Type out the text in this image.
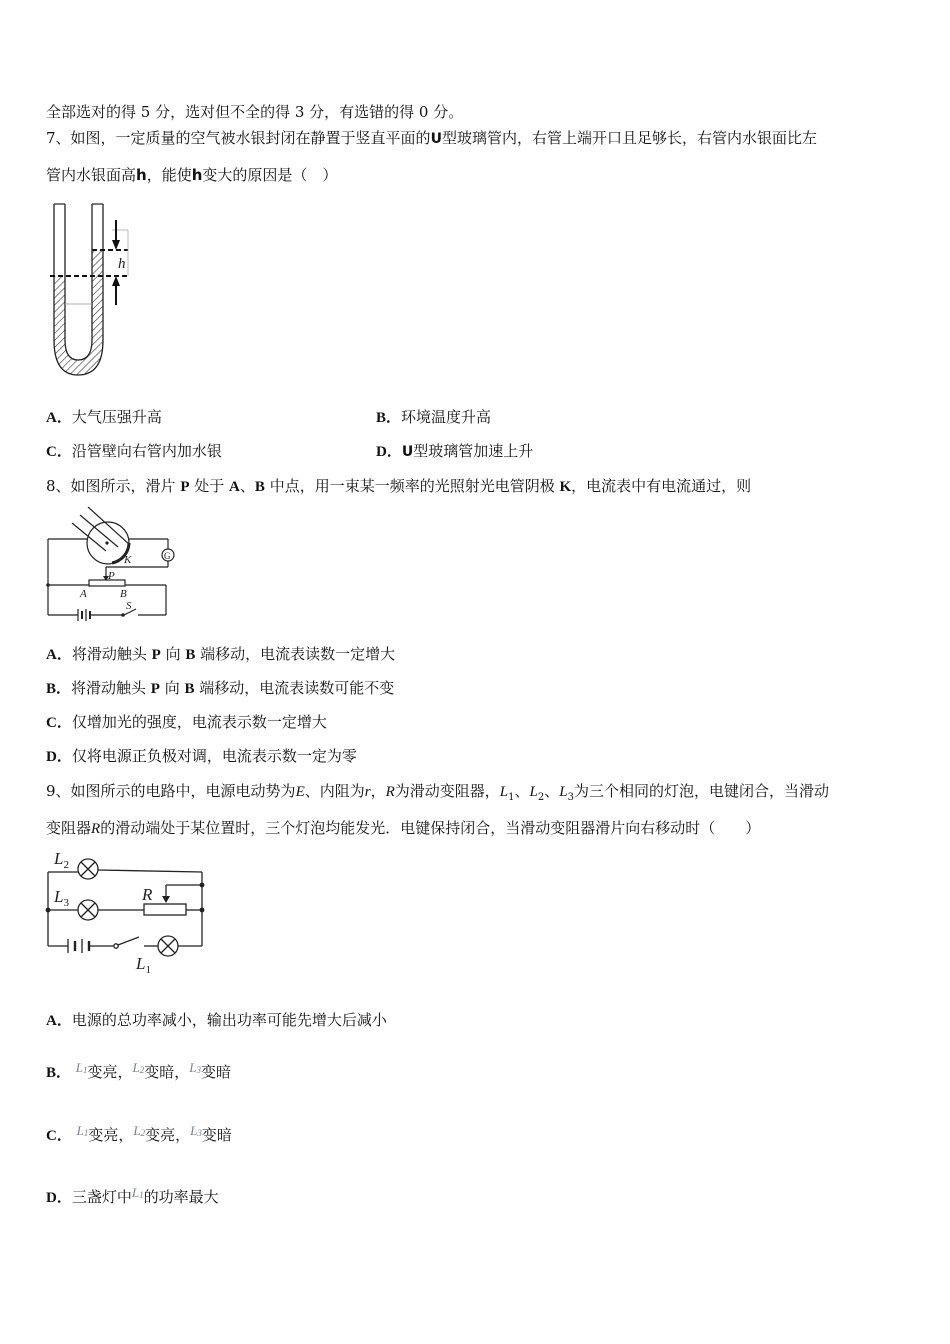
全部选对的得 5 分，选对但不全的得 3 分，有选错的得 0 分。
7、如图，一定质量的空气被水银封闭在静置于竖直平面的U型玻璃管内，右管上端开口且足够长，右管内水银面比左
管内水银面高h，能使h变大的原因是（　）
h
A．大气压强升高	B．环境温度升高
C．沿管壁向右管内加水银	D．U型玻璃管加速上升
8、如图所示，滑片 P 处于 A、B 中点，用一束某一频率的光照射光电管阴极 K，电流表中有电流通过，则
K	G
P
A	B
S
A．将滑动触头 P 向 B 端移动，电流表读数一定增大
B．将滑动触头 P 向 B 端移动，电流表读数可能不变
C．仅增加光的强度，电流表示数一定增大
D．仅将电源正负极对调，电流表示数一定为零
9、如图所示的电路中，电源电动势为E、内阻为r，R为滑动变阻器，$L_1$、$L_2$、$L_3$为三个相同的灯泡，电键闭合，当滑动
变阻器R的滑动端处于某位置时，三个灯泡均能发光．电键保持闭合，当滑动变阻器滑片向右移动时（　　）
$L_2$
$L_3$	R
$L_1$
A．电源的总功率减小，输出功率可能先增大后减小
B． $L_1$变亮，$L_2$变暗，$L_3$变暗
C． $L_1$变亮，$L_2$变亮，$L_3$变暗
D．三盏灯中$L_1$的功率最大
